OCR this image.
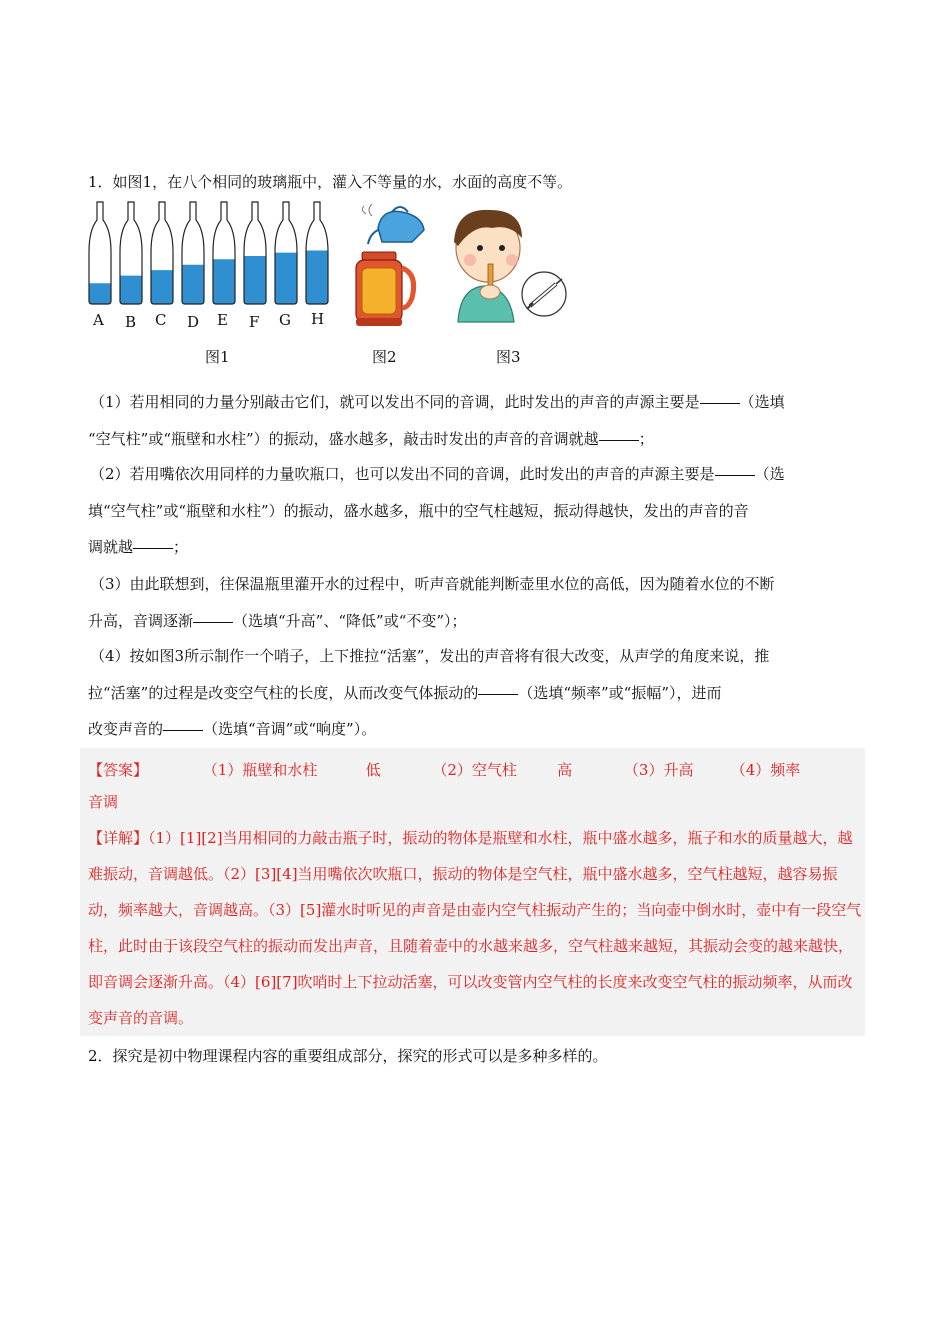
1．如图1，在八个相同的玻璃瓶中，灌入不等量的水，水面的高度不等。
A B C D E F G H
图1	图2	图3
（1）若用相同的力量分别敲击它们，就可以发出不同的音调，此时发出的声音的声源主要是	（选填
“空气柱”或“瓶壁和水柱”）的振动，盛水越多，敲击时发出的声音的音调就越	；
（2）若用嘴依次用同样的力量吹瓶口，也可以发出不同的音调，此时发出的声音的声源主要是	（选
填“空气柱”或“瓶壁和水柱”）的振动，盛水越多，瓶中的空气柱越短，振动得越快，发出的声音的音
调就越	；
（3）由此联想到，往保温瓶里灌开水的过程中，听声音就能判断壶里水位的高低，因为随着水位的不断
升高，音调逐渐	（选填“升高”、“降低”或“不变”）；
（4）按如图3所示制作一个哨子，上下推拉“活塞”，发出的声音将有很大改变，从声学的角度来说，推
拉“活塞”的过程是改变空气柱的长度，从而改变气体振动的	（选填“频率”或“振幅”），进而
改变声音的	（选填“音调”或“响度”）。
【答案】	（1）瓶壁和水柱	低	（2）空气柱	高	（3）升高 （4）频率
音调
【详解】（1）[1][2]当用相同的力敲击瓶子时，振动的物体是瓶壁和水柱，瓶中盛水越多，瓶子和水的质量越大，越难振动，音调越低。（2）[3][4]当用嘴依次吹瓶口，振动的物体是空气柱，瓶中盛水越多，空气柱越短，越容易振动，频率越大，音调越高。（3）[5]灌水时听见的声音是由壶内空气柱振动产生的；当向壶中倒水时，壶中有一段空气柱，此时由于该段空气柱的振动而发出声音，且随着壶中的水越来越多，空气柱越来越短，其振动会变的越来越快，即音调会逐渐升高。（4）[6][7]吹哨时上下拉动活塞，可以改变管内空气柱的长度来改变空气柱的振动频率，从而改变声音的音调。
2．探究是初中物理课程内容的重要组成部分，探究的形式可以是多种多样的。
